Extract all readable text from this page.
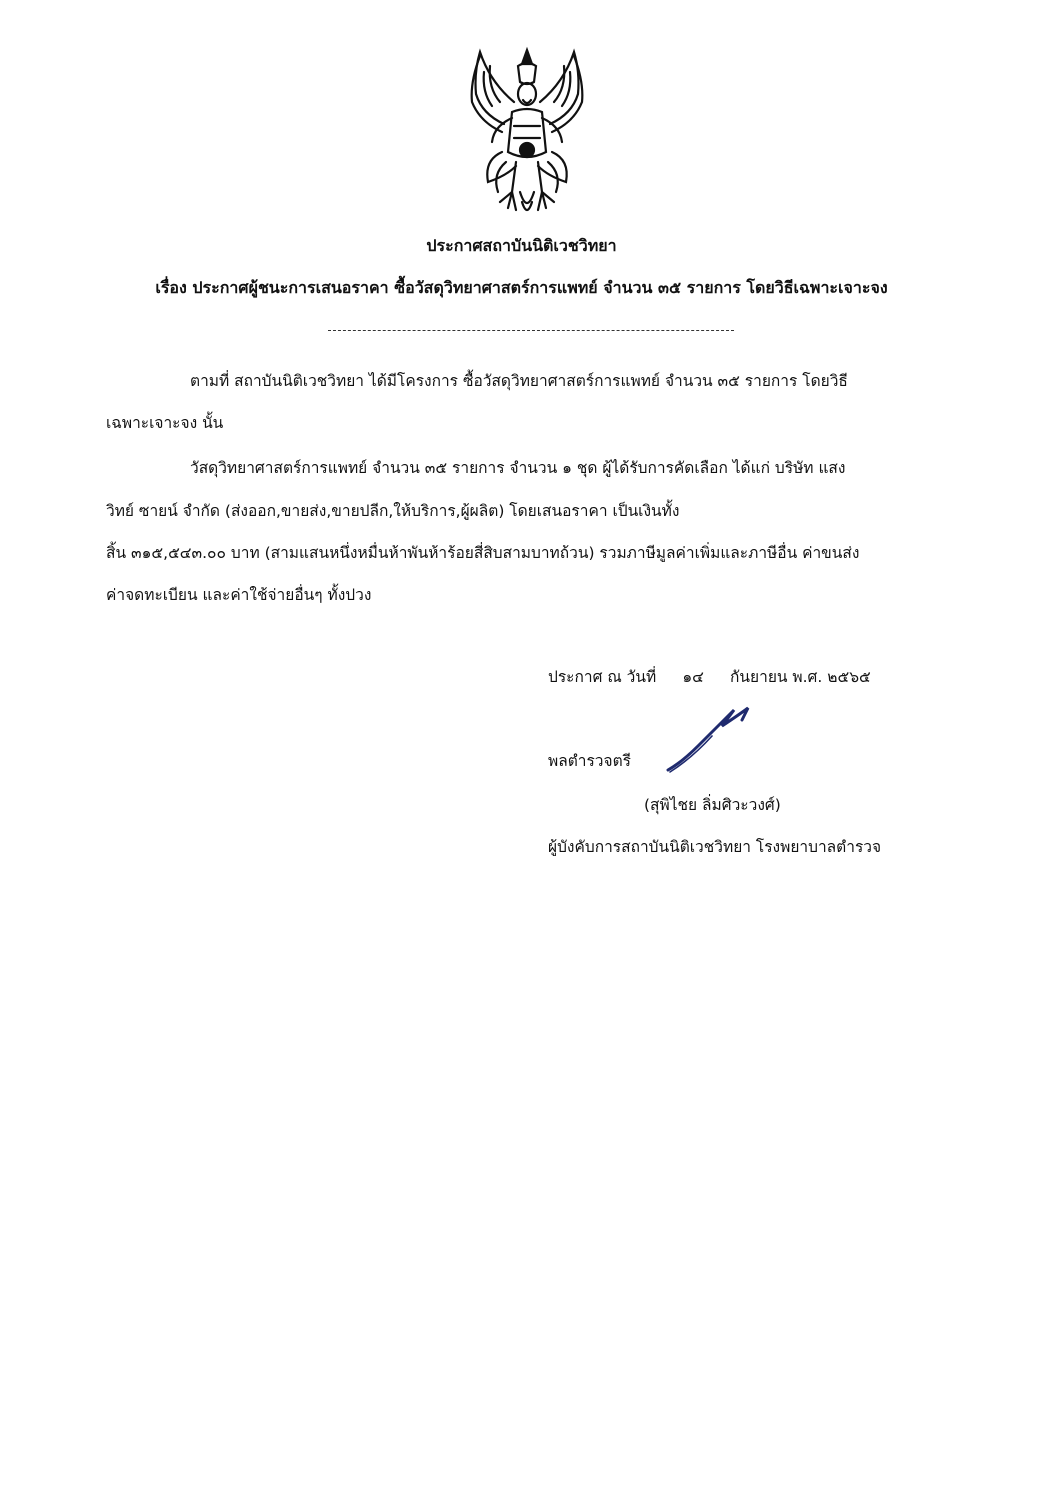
ประกาศสถาบันนิติเวชวิทยา
เรื่อง ประกาศผู้ชนะการเสนอราคา ซื้อวัสดุวิทยาศาสตร์การแพทย์ จำนวน ๓๕ รายการ โดยวิธีเฉพาะเจาะจง
ตามที่ สถาบันนิติเวชวิทยา ได้มีโครงการ ซื้อวัสดุวิทยาศาสตร์การแพทย์ จำนวน ๓๕ รายการ โดยวิธี
เฉพาะเจาะจง นั้น
วัสดุวิทยาศาสตร์การแพทย์ จำนวน ๓๕ รายการ จำนวน ๑ ชุด ผู้ได้รับการคัดเลือก ได้แก่ บริษัท แสง
วิทย์ ซายน์ จำกัด (ส่งออก,ขายส่ง,ขายปลีก,ให้บริการ,ผู้ผลิต) โดยเสนอราคา เป็นเงินทั้ง
สิ้น ๓๑๕,๕๔๓.๐๐ บาท (สามแสนหนึ่งหมื่นห้าพันห้าร้อยสี่สิบสามบาทถ้วน) รวมภาษีมูลค่าเพิ่มและภาษีอื่น ค่าขนส่ง
ค่าจดทะเบียน และค่าใช้จ่ายอื่นๆ ทั้งปวง
ประกาศ ณ วันที่ ๑๔ กันยายน พ.ศ. ๒๕๖๕
พลตำรวจตรี
(สุพิไชย ลิ่มศิวะวงศ์)
ผู้บังคับการสถาบันนิติเวชวิทยา โรงพยาบาลตำรวจ
